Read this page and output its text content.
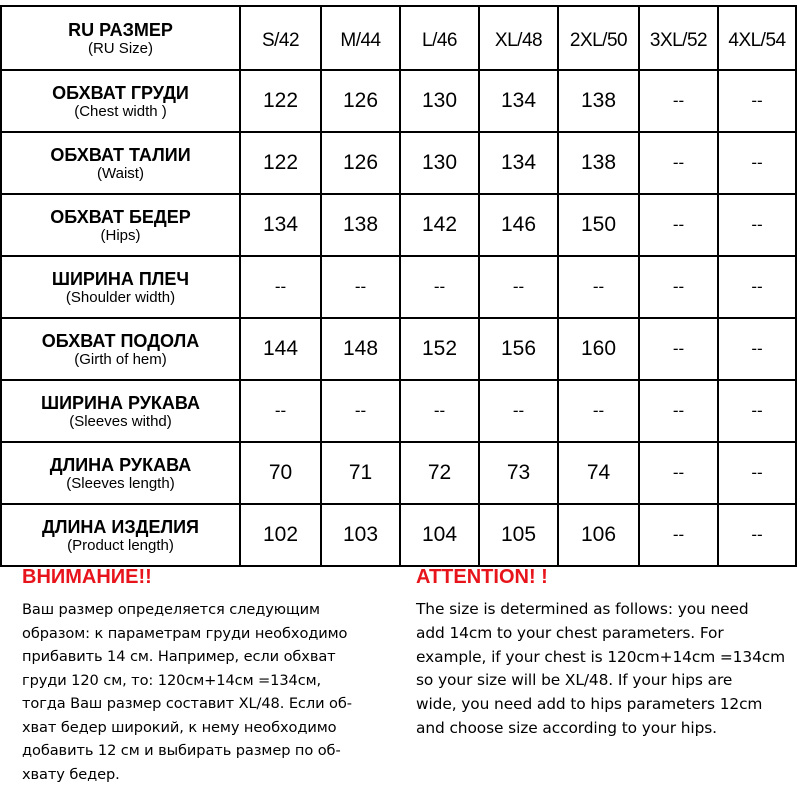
RU РАЗМЕР
(RU Size)	S/42	M/44	L/46	XL/48	2XL/50	3XL/52	4XL/54

ОБХВАТ ГРУДИ
(Chest width )	122	126	130	134	138	--	--

ОБХВАТ ТАЛИИ
(Waist)	122	126	130	134	138	--	--

ОБХВАТ БЕДЕР
(Hips)	134	138	142	146	150	--	--

ШИРИНА ПЛЕЧ
(Shoulder width)	--	--	--	--	--	--	--

ОБХВАТ ПОДОЛА
(Girth of hem)	144	148	152	156	160	--	--

ШИРИНА РУКАВА
(Sleeves withd)	--	--	--	--	--	--	--

ДЛИНА РУКАВА
(Sleeves length)	70	71	72	73	74	--	--

ДЛИНА ИЗДЕЛИЯ
(Product length)	102	103	104	105	106	--	--
ВНИМАНИЕ!!
Ваш размер определяется следующим
образом: к параметрам груди необходимо
прибавить 14 см. Например, если обхват
груди 120 см, то: 120см+14см =134см,
тогда Ваш размер составит XL/48. Если об-
хват бедер широкий, к нему необходимо
добавить 12 см и выбирать размер по об-
хвату бедер.
ATTENTION! !
The size is determined as follows: you need
add 14cm to your chest parameters. For
example, if your chest is 120cm+14cm =134cm
so your size will be XL/48. If your hips are
wide, you need add to hips parameters 12cm
and choose size according to your hips.
